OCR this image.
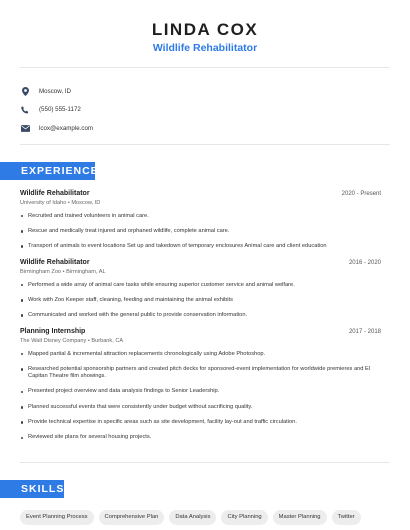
LINDA COX
Wildlife Rehabilitator
Moscow, ID
(550) 555-1172
lcox@example.com
EXPERIENCE
Wildlife Rehabilitator	2020 - Present
University of Idaho • Moscow, ID
Recruited and trained volunteers in animal care.
Rescue and medically treat injured and orphaned wildlife, complete animal care.
Transport of animals to event locations Set up and takedown of temporary enclosures Animal care and client education
Wildlife Rehabilitator	2016 - 2020
Birmingham Zoo • Birmingham, AL
Performed a wide array of animal care tasks while ensuring superior customer service and animal welfare.
Work with Zoo Keeper staff, cleaning, feeding and maintaining the animal exhibits
Communicated and worked with the general public to provide conservation information.
Planning Internship	2017 - 2018
The Walt Disney Company • Burbank, CA
Mapped partial & incremental attraction replacements chronologically using Adobe Photoshop.
Researched potential sponsorship partners and created pitch decks for sponsored-event implementation for worldwide premieres and El Capitan Theatre film showings.
Presented project overview and data analysis findings to Senior Leadership.
Planned successful events that were consistently under budget without sacrificing quality.
Provide technical expertise in specific areas such as site development, facility lay-out and traffic circulation.
Reviewed site plans for several housing projects.
SKILLS
Event Planning Process	Comprehensive Plan	Data Analysis	City Planning	Master Planning	Twitter
